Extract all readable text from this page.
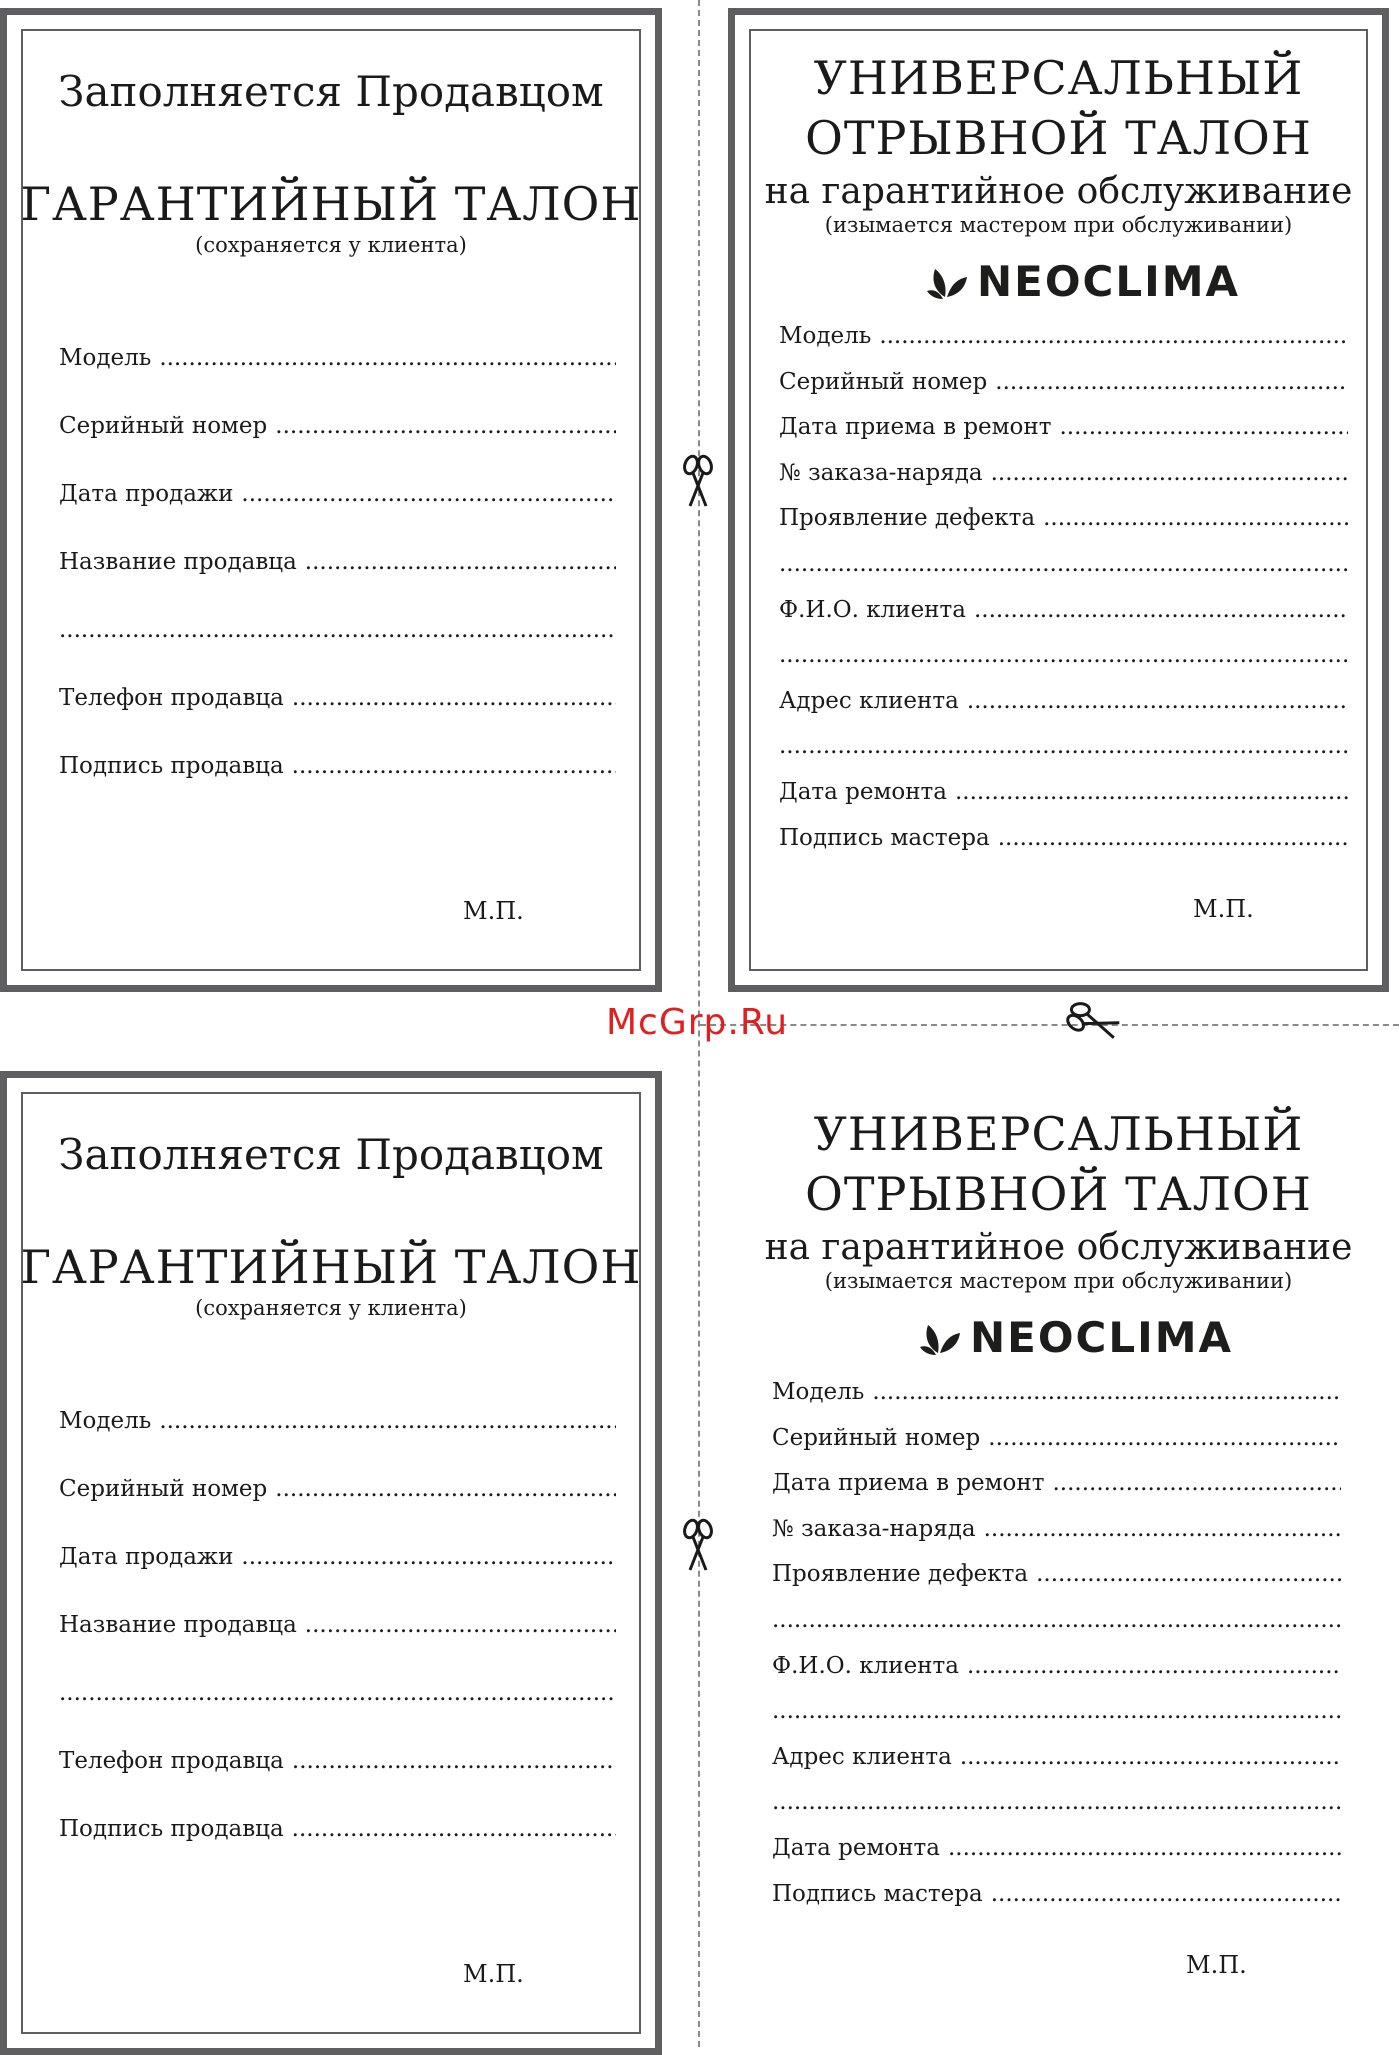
Заполняется Продавцом
ГАРАНТИЙНЫЙ ТАЛОН
(сохраняется у клиента)
Модель
.....
Серийный номер
.....
Дата продажи
.....
Название продавца
.....
.....
Телефон продавца
.....
Подпись продавца
.....
М.П.
УНИВЕРСАЛЬНЫЙ
ОТРЫВНОЙ ТАЛОН
на гарантийное обслуживание
(изымается мастером при обслуживании)
NEOCLIMA
Модель
.....
Серийный номер
.....
Дата приема в ремонт
.....
№ заказа-наряда
.....
Проявление дефекта
.....
.....
Ф.И.О. клиента
.....
.....
Адрес клиента
.....
.....
Дата ремонта
.....
Подпись мастера
.....
М.П.
Заполняется Продавцом
ГАРАНТИЙНЫЙ ТАЛОН
(сохраняется у клиента)
Модель
.....
Серийный номер
.....
Дата продажи
.....
Название продавца
.....
.....
Телефон продавца
.....
Подпись продавца
.....
М.П.
УНИВЕРСАЛЬНЫЙ
ОТРЫВНОЙ ТАЛОН
на гарантийное обслуживание
(изымается мастером при обслуживании)
NEOCLIMA
Модель
.....
Серийный номер
.....
Дата приема в ремонт
.....
№ заказа-наряда
.....
Проявление дефекта
.....
.....
Ф.И.О. клиента
.....
.....
Адрес клиента
.....
.....
Дата ремонта
.....
Подпись мастера
.....
М.П.
McGrp.Ru
